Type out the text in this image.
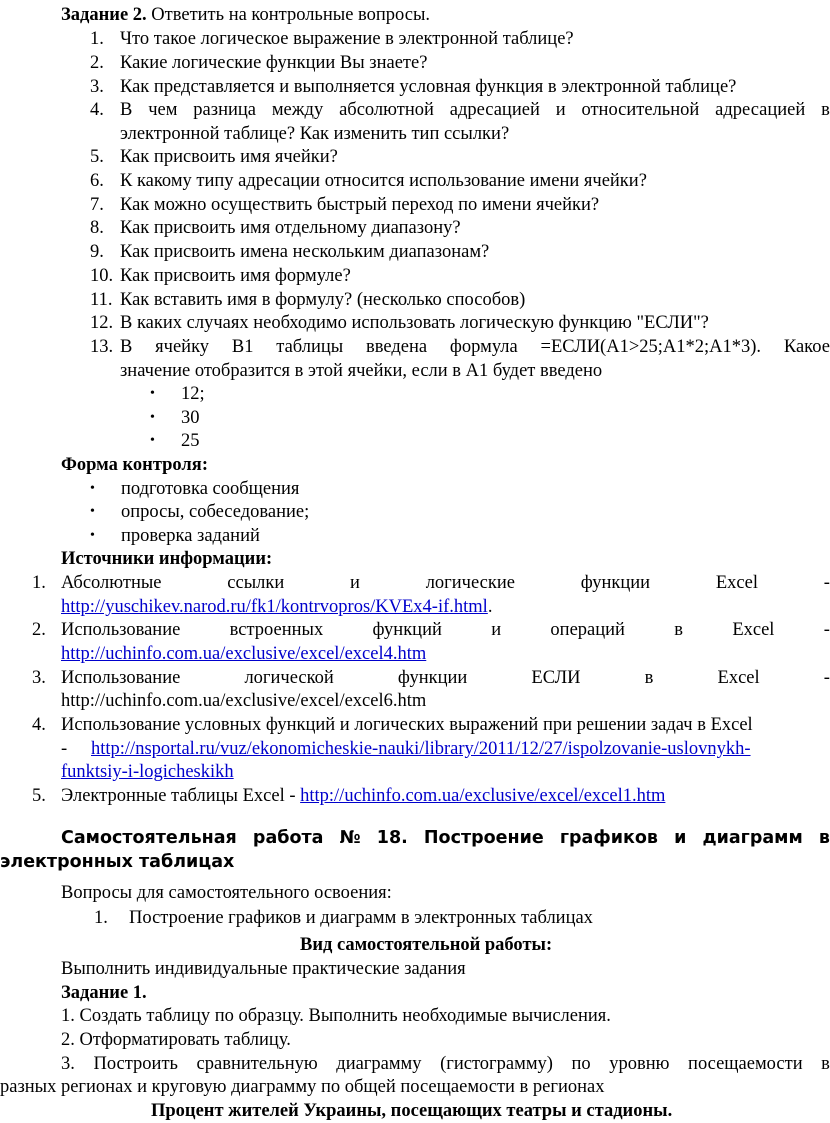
Задание 2. Ответить на контрольные вопросы.
1. Что такое логическое выражение в электронной таблице?
2. Какие логические функции Вы знаете?
3. Как представляется и выполняется условная функция в электронной таблице?
4. В чем разница между абсолютной адресацией и относительной адресацией в
электронной таблице? Как изменить тип ссылки?
5. Как присвоить имя ячейки?
6. К какому типу адресации относится использование имени ячейки?
7. Как можно осуществить быстрый переход по имени ячейки?
8. Как присвоить имя отдельному диапазону?
9. Как присвоить имена нескольким диапазонам?
10. Как присвоить имя формуле?
11. Как вставить имя в формулу? (несколько способов)
12. В каких случаях необходимо использовать логическую функцию "ЕСЛИ"?
13. В ячейку В1 таблицы введена формула =ЕСЛИ(А1>25;А1*2;А1*3). Какое
значение отобразится в этой ячейки, если в А1 будет введено
• 12;
• 30
• 25
Форма контроля:
• подготовка сообщения
• опросы, собеседование;
• проверка заданий
Источники информации:
1. Абсолютные	ссылки	и	логические	функции	Excel	-
http://yuschikev.narod.ru/fk1/kontrvopros/KVEx4-if.html.
2. Использование	встроенных	функций	и	операций	в	Excel	-
http://uchinfo.com.ua/exclusive/excel/excel4.htm
3. Использование	логической	функции	ЕСЛИ	в	Excel	-
http://uchinfo.com.ua/exclusive/excel/excel6.htm
4. Использование условных функций и логических выражений при решении задач в Excel
- http://nsportal.ru/vuz/ekonomicheskie-nauki/library/2011/12/27/ispolzovanie-uslovnykh-
funktsiy-i-logicheskikh
5. Электронные таблицы Excel - http://uchinfo.com.ua/exclusive/excel/excel1.htm
Самостоятельная работа № 18. Построение графиков и диаграмм в
электронных таблицах
Вопросы для самостоятельного освоения:
1. Построение графиков и диаграмм в электронных таблицах
Вид самостоятельной работы:
Выполнить индивидуальные практические задания
Задание 1.
1. Создать таблицу по образцу. Выполнить необходимые вычисления.
2. Отформатировать таблицу.
3. Построить сравнительную диаграмму (гистограмму) по уровню посещаемости в
разных регионах и круговую диаграмму по общей посещаемости в регионах
Процент жителей Украины, посещающих театры и стадионы.
